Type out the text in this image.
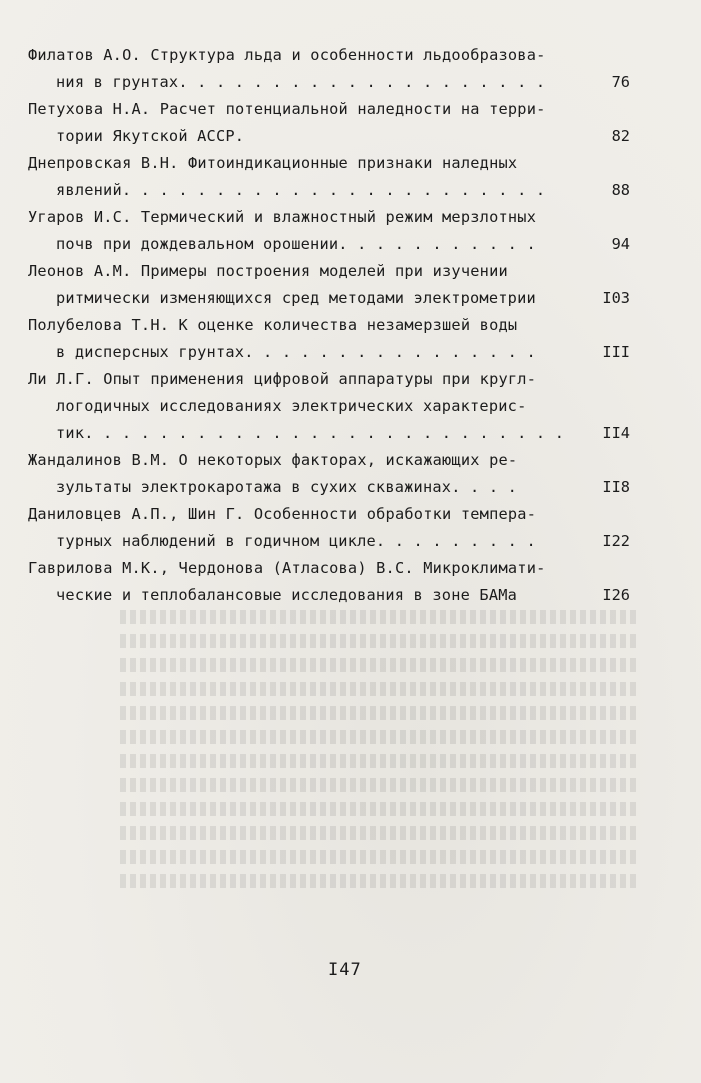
Филатов А.О. Структура льда и особенности льдообразова-
ния в грунтах. . . . . . . . . . . . . . . . . . . .	76
Петухова Н.А. Расчет потенциальной наледности на терри-
тории Якутской АССР.	82
Днепровская В.Н. Фитоиндикационные признаки наледных
явлений. . . . . . . . . . . . . . . . . . . . . . .	88
Угаров И.С. Термический и влажностный режим мерзлотных
почв при дождевальном орошении. . . . . . . . . . .	94
Леонов А.М. Примеры построения моделей при изучении
ритмически изменяющихся сред методами электрометрии	I03
Полубелова Т.Н. К оценке количества незамерзшей воды
в дисперсных грунтах. . . . . . . . . . . . . . . .	III
Ли Л.Г. Опыт применения цифровой аппаратуры при кругл-
логодичных исследованиях электрических характерис-
тик. . . . . . . . . . . . . . . . . . . . . . . . . .	II4
Жандалинов В.М. О некоторых факторах, искажающих ре-
зультаты электрокаротажа в сухих скважинах. . . .	II8
Даниловцев А.П., Шин Г. Особенности обработки темпера-
турных наблюдений в годичном цикле. . . . . . . . .	I22
Гаврилова М.К., Чердонова (Атласова) В.С. Микроклимати-
ческие и теплобалансовые исследования в зоне БАМа	I26
I47
